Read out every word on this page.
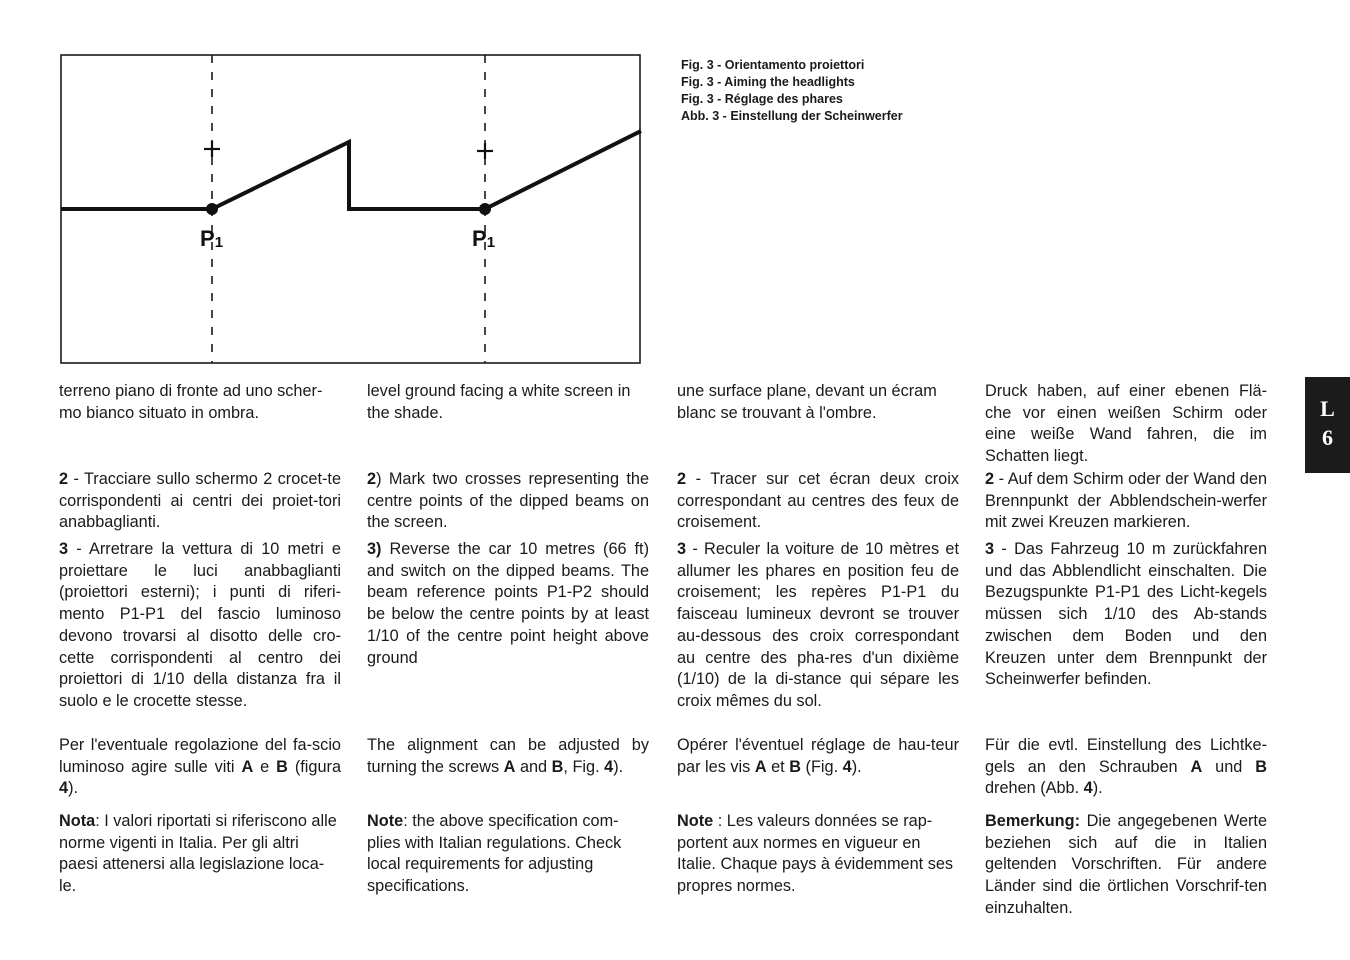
P1	P1
Fig. 3 - Orientamento proiettori
Fig. 3 - Aiming the headlights
Fig. 3 - Réglage des phares
Abb. 3 - Einstellung der Scheinwerfer
terreno piano di fronte ad uno scher-mo bianco situato in ombra.
2 - Tracciare sullo schermo 2 crocet-te corrispondenti ai centri dei proiet-tori anabbaglianti.
3 - Arretrare la vettura di 10 metri e proiettare le luci anabbaglianti (proiettori esterni); i punti di riferi-mento P1-P1 del fascio luminoso devono trovarsi al disotto delle cro-cette corrispondenti al centro dei proiettori di 1/10 della distanza fra il suolo e le crocette stesse.
Per l'eventuale regolazione del fa-scio luminoso agire sulle viti A e B (figura 4).
Nota: I valori riportati si riferiscono alle norme vigenti in Italia. Per gli altri paesi attenersi alla legislazione loca-le.
level ground facing a white screen in the shade.
2) Mark two crosses representing the centre points of the dipped beams on the screen.
3) Reverse the car 10 metres (66 ft) and switch on the dipped beams. The beam reference points P1-P2 should be below the centre points by at least 1/10 of the centre point height above ground
The alignment can be adjusted by turning the screws A and B, Fig. 4).
Note: the above specification com-plies with Italian regulations. Check local requirements for adjusting specifications.
une surface plane, devant un écram blanc se trouvant à l'ombre.
2 - Tracer sur cet écran deux croix correspondant au centres des feux de croisement.
3 - Reculer la voiture de 10 mètres et allumer les phares en position feu de croisement; les repères P1-P1 du faisceau lumineux devront se trouver au-dessous des croix correspondant au centre des pha-res d'un dixième (1/10) de la di-stance qui sépare les croix mêmes du sol.
Opérer l'éventuel réglage de hau-teur par les vis A et B (Fig. 4).
Note : Les valeurs données se rap-portent aux normes en vigueur en Italie. Chaque pays à évidemment ses propres normes.
Druck haben, auf einer ebenen Flä-che vor einen weißen Schirm oder eine weiße Wand fahren, die im Schatten liegt.
2 - Auf dem Schirm oder der Wand den Brennpunkt der Abblendschein-werfer mit zwei Kreuzen markieren.
3 - Das Fahrzeug 10 m zurückfahren und das Abblendlicht einschalten. Die Bezugspunkte P1-P1 des Licht-kegels müssen sich 1/10 des Ab-stands zwischen dem Boden und den Kreuzen unter dem Brennpunkt der Scheinwerfer befinden.
Für die evtl. Einstellung des Lichtke-gels an den Schrauben A und B drehen (Abb. 4).
Bemerkung: Die angegebenen Werte beziehen sich auf die in Italien geltenden Vorschriften. Für andere Länder sind die örtlichen Vorschrif-ten einzuhalten.
L
6
